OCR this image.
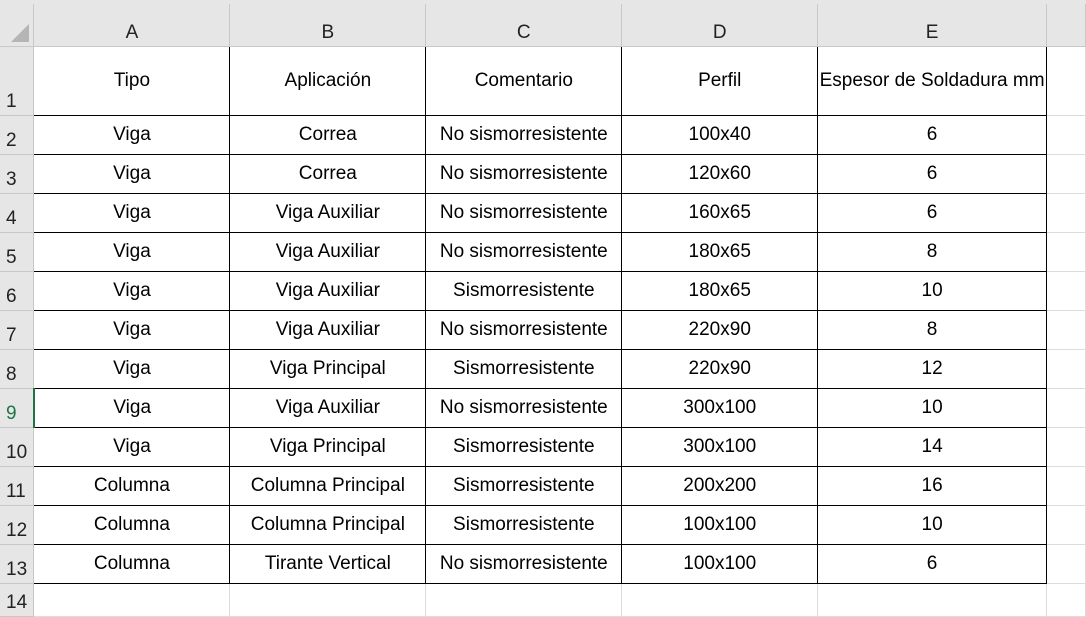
	A	B	C	D	E	
1	Tipo	Aplicación	Comentario	Perfil	Espesor de Soldadura mm	
2	Viga	Correa	No sismorresistente	100x40	6	
3	Viga	Correa	No sismorresistente	120x60	6	
4	Viga	Viga Auxiliar	No sismorresistente	160x65	6	
5	Viga	Viga Auxiliar	No sismorresistente	180x65	8	
6	Viga	Viga Auxiliar	Sismorresistente	180x65	10	
7	Viga	Viga Auxiliar	No sismorresistente	220x90	8	
8	Viga	Viga Principal	Sismorresistente	220x90	12	
9	Viga	Viga Auxiliar	No sismorresistente	300x100	10	
10	Viga	Viga Principal	Sismorresistente	300x100	14	
11	Columna	Columna Principal	Sismorresistente	200x200	16	
12	Columna	Columna Principal	Sismorresistente	100x100	10	
13	Columna	Tirante Vertical	No sismorresistente	100x100	6	
14						
